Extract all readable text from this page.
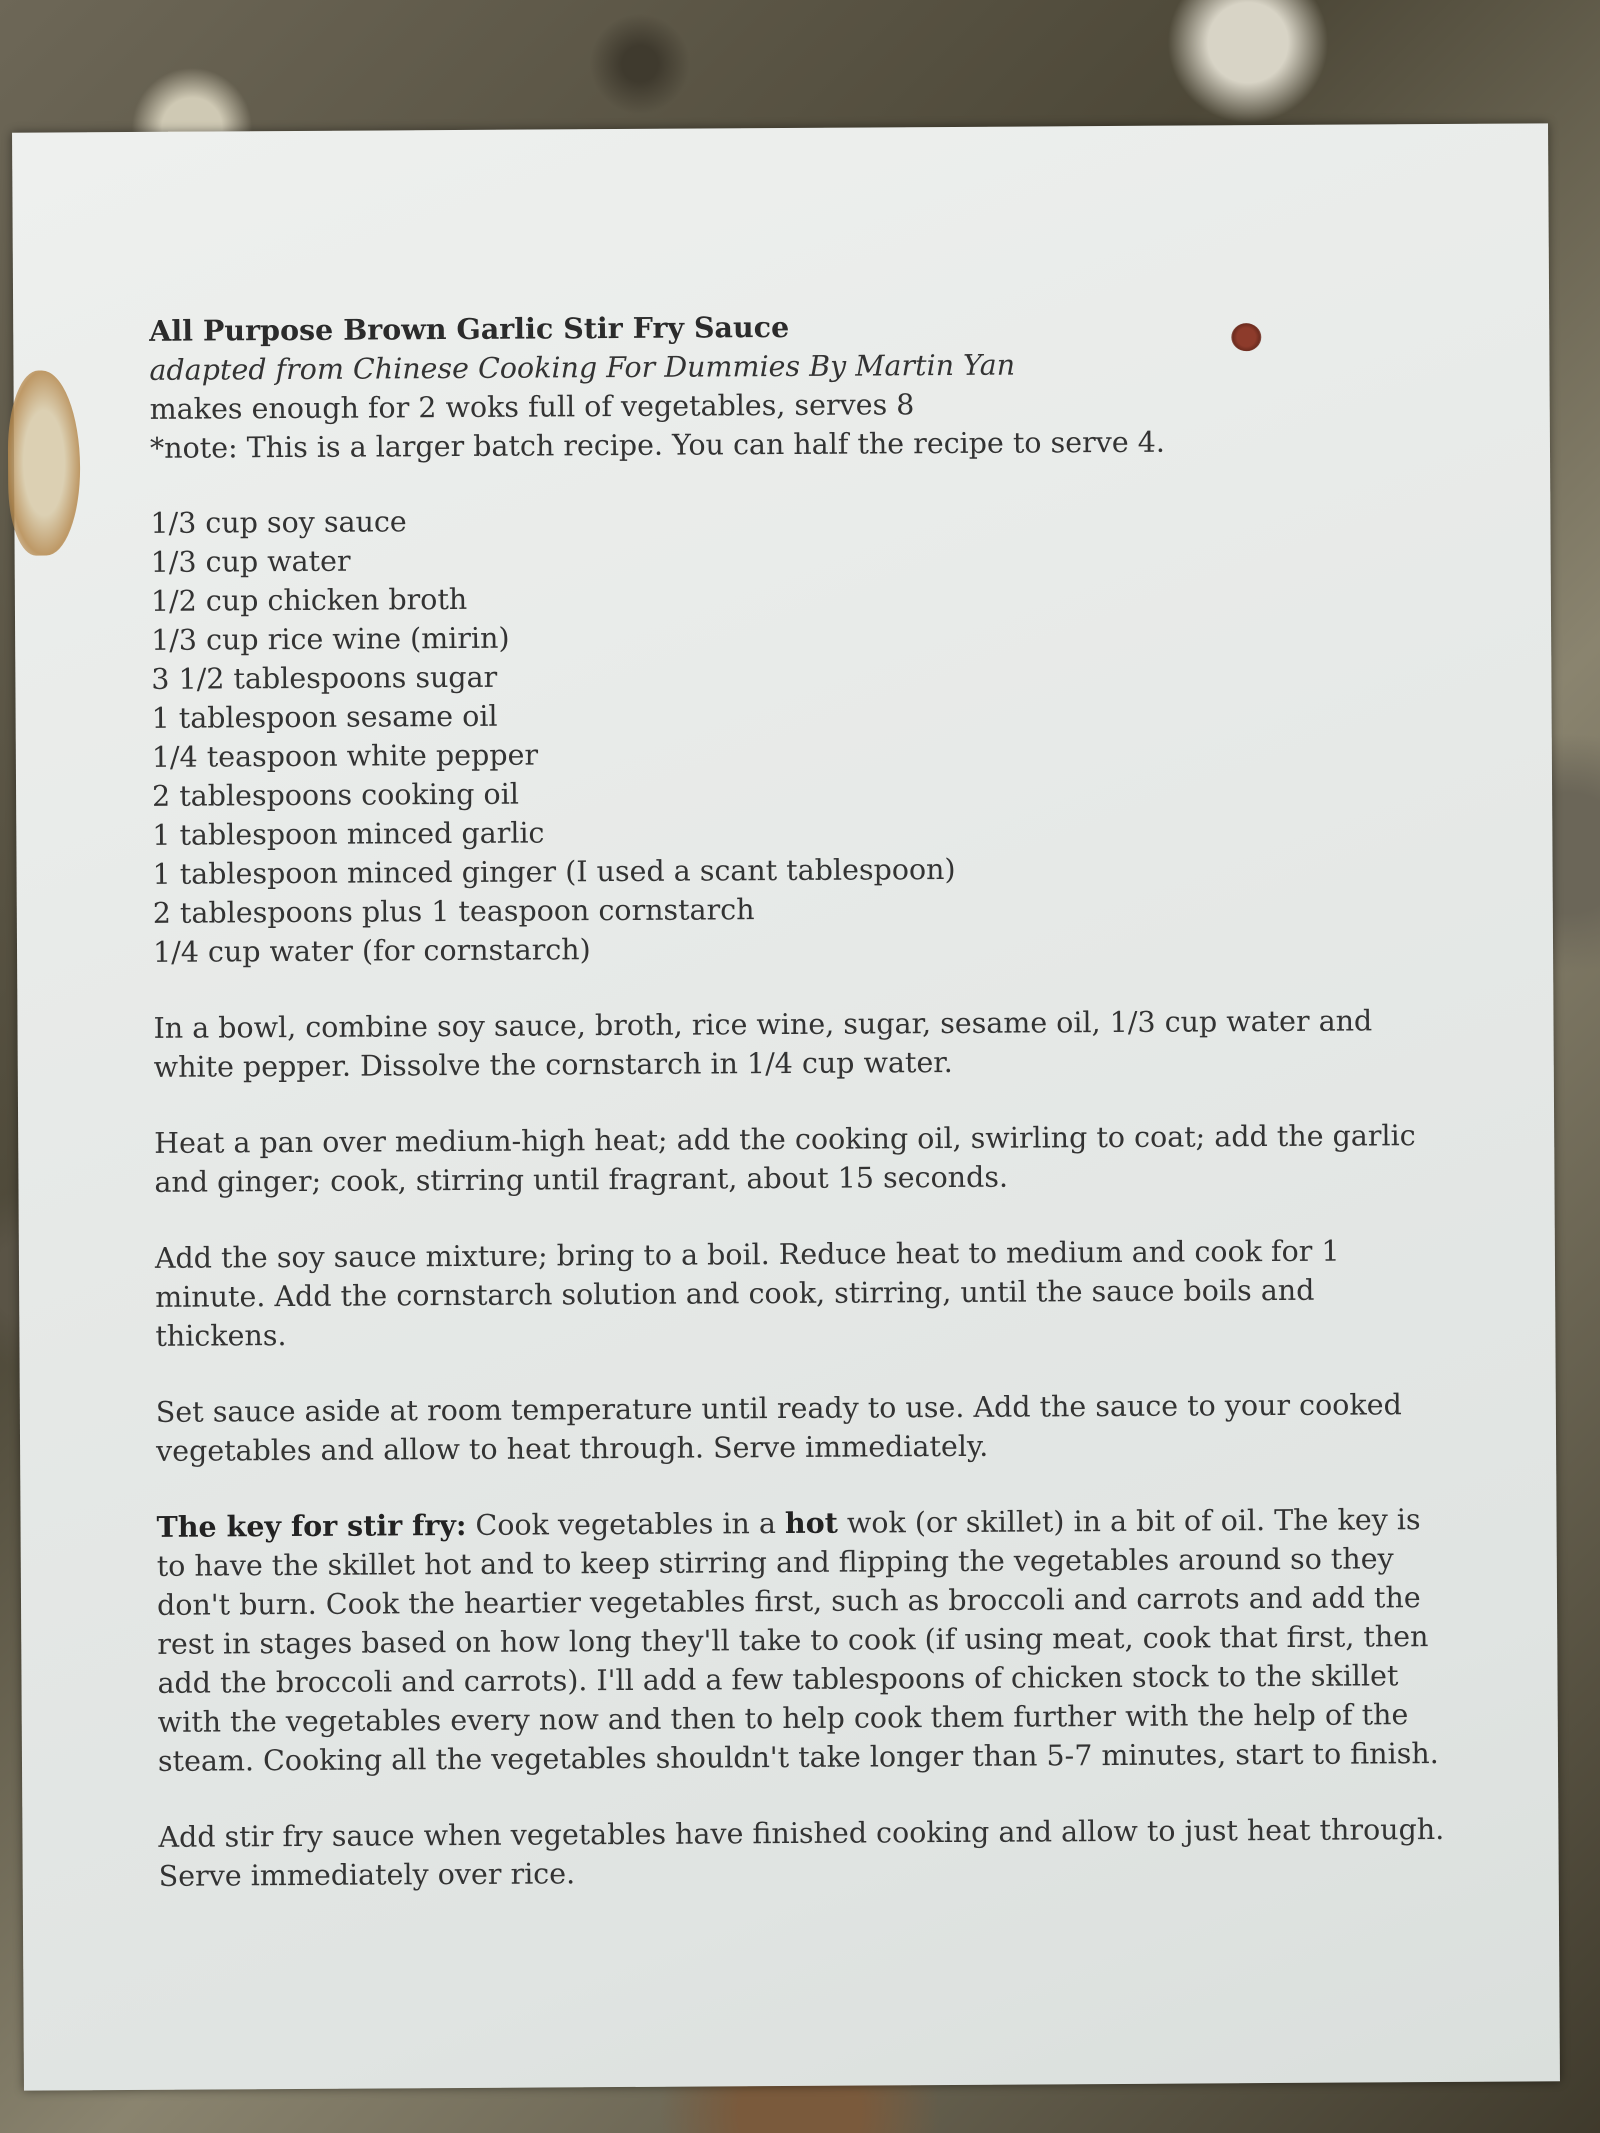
All Purpose Brown Garlic Stir Fry Sauce

adapted from Chinese Cooking For Dummies By Martin Yan

makes enough for 2 woks full of vegetables, serves 8

*note: This is a larger batch recipe. You can half the recipe to serve 4.

1/3 cup soy sauce

1/3 cup water

1/2 cup chicken broth

1/3 cup rice wine (mirin)

3 1/2 tablespoons sugar

1 tablespoon sesame oil

1/4 teaspoon white pepper

2 tablespoons cooking oil

1 tablespoon minced garlic

1 tablespoon minced ginger (I used a scant tablespoon)

2 tablespoons plus 1 teaspoon cornstarch

1/4 cup water (for cornstarch)

In a bowl, combine soy sauce, broth, rice wine, sugar, sesame oil, 1/3 cup water and white pepper. Dissolve the cornstarch in 1/4 cup water.

Heat a pan over medium-high heat; add the cooking oil, swirling to coat; add the garlic and ginger; cook, stirring until fragrant, about 15 seconds.

Add the soy sauce mixture; bring to a boil. Reduce heat to medium and cook for 1 minute. Add the cornstarch solution and cook, stirring, until the sauce boils and thickens.

Set sauce aside at room temperature until ready to use. Add the sauce to your cooked vegetables and allow to heat through. Serve immediately.

The key for stir fry: Cook vegetables in a hot wok (or skillet) in a bit of oil. The key is to have the skillet hot and to keep stirring and flipping the vegetables around so they don't burn. Cook the heartier vegetables first, such as broccoli and carrots and add the rest in stages based on how long they'll take to cook (if using meat, cook that first, then add the broccoli and carrots). I'll add a few tablespoons of chicken stock to the skillet with the vegetables every now and then to help cook them further with the help of the steam. Cooking all the vegetables shouldn't take longer than 5-7 minutes, start to finish.

Add stir fry sauce when vegetables have finished cooking and allow to just heat through. Serve immediately over rice.
